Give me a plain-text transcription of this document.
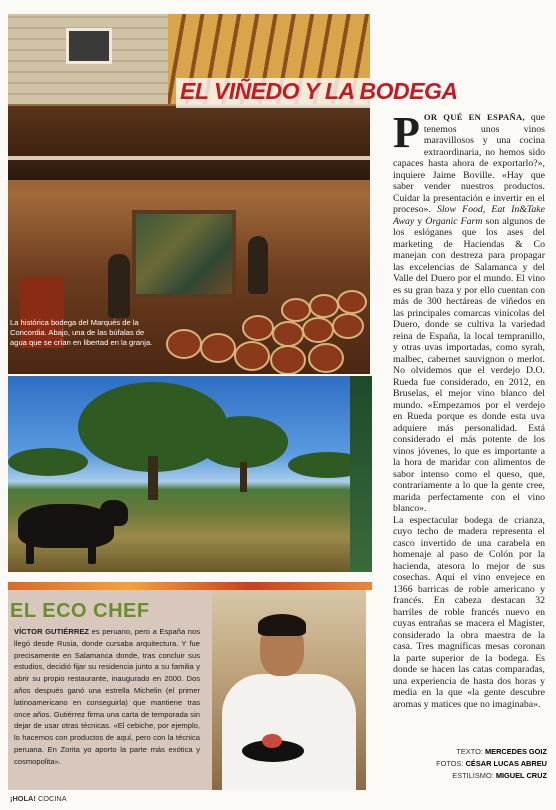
EL VIÑEDO Y LA BODEGA

La histórica bodega del Marqués de la Concordia. Abajo, una de las búfalas de agua que se crían en libertad en la granja.

EL ECO CHEF

VÍCTOR GUTIÉRREZ es peruano, pero a España nos llegó desde Rusia, donde cursaba arquitectura. Y fue precisamente en Salamanca donde, tras concluir sus estudios, decidió fijar su residencia junto a su familia y abrir su propio restaurante, inaugurado en 2000. Dos años después ganó una estrella Michelin (el primer latinoamericano en conseguirla) que mantiene tras once años. Gutiérrez firma una carta de temporada sin dejar de usar otras técnicas. «El cebiche, por ejemplo, lo hacemos con productos de aquí, pero con la técnica peruana. En Zorita yo aporto la parte más exótica y cosmopolita».

POR QUÉ EN ESPAÑA, que tenemos unos vinos maravillosos y una cocina extraordinaria, no hemos sido capaces hasta ahora de exportarlo?», inquiere Jaime Boville. «Hay que saber vender nuestros productos. Cuidar la presentación e invertir en el proceso». Slow Food, Eat In&Take Away y Organic Farm son algunos de los eslóganes que los ases del marketing de Haciendas & Co manejan con destreza para propagar las excelencias de Salamanca y del Valle del Duero por el mundo. El vino es su gran baza y por ello cuentan con más de 300 hectáreas de viñedos en las principales comarcas vinícolas del Duero, donde se cultiva la variedad reina de España, la local tempranillo, y otras uvas importadas, como syrah, malbec, cabernet sauvignon o merlot. No olvidemos que el verdejo D.O. Rueda fue considerado, en 2012, en Bruselas, el mejor vino blanco del mundo. «Empezamos por el verdejo en Rueda porque es donde esta uva adquiere más personalidad. Está considerado el más potente de los vinos jóvenes, lo que es importante a la hora de maridar con alimentos de sabor intenso como el queso, que, contrariamente a lo que la gente cree, marida perfectamente con el vino blanco».

La espectacular bodega de crianza, cuyo techo de madera representa el casco invertido de una carabela en homenaje al paso de Colón por la hacienda, atesora lo mejor de sus cosechas. Aquí el vino envejece en 1366 barricas de roble americano y francés. En cabeza destacan 32 barriles de roble francés nuevo en cuyas entrañas se macera el Magister, considerado la obra maestra de la casa. Tres magníficas mesas coronan la parte superior de la bodega. Es donde se hacen las catas comparadas, una experiencia de hasta dos horas y media en la que «la gente descubre aromas y matices que no imaginaba».

TEXTO: MERCEDES GOIZ
FOTOS: CÉSAR LUCAS ABREU
ESTILISMO: MIGUEL CRUZ

¡HOLA! COCINA
